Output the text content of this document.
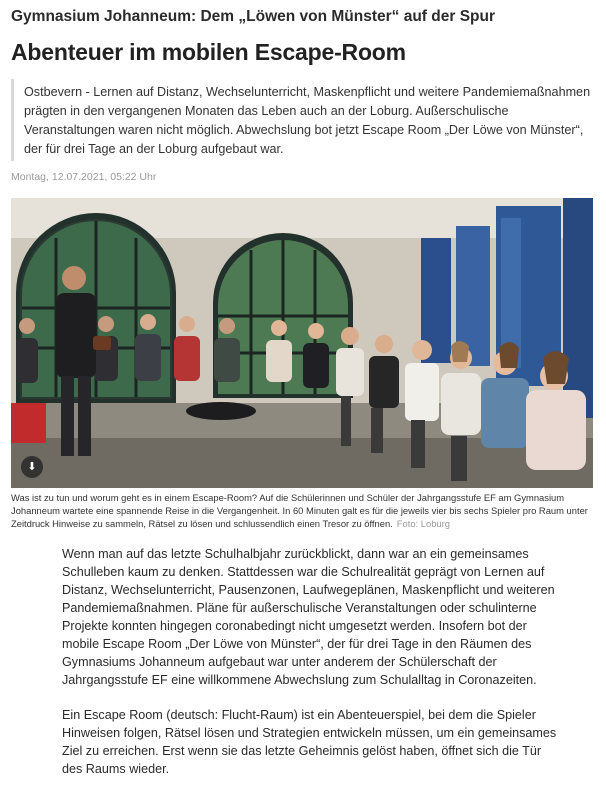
Gymnasium Johanneum: Dem „Löwen von Münster“ auf der Spur
Abenteuer im mobilen Escape-Room
Ostbevern - Lernen auf Distanz, Wechselunterricht, Maskenpflicht und weitere Pandemiemaßnahmen prägten in den vergangenen Monaten das Leben auch an der Loburg. Außerschulische Veranstaltungen waren nicht möglich. Abwechslung bot jetzt Escape Room „Der Löwe von Münster“, der für drei Tage an der Loburg aufgebaut war.
Montag, 12.07.2021, 05:22 Uhr
⬇
Was ist zu tun und worum geht es in einem Escape-Room? Auf die Schülerinnen und Schüler der Jahrgangsstufe EF am Gymnasium Johanneum wartete eine spannende Reise in die Vergangenheit. In 60 Minuten galt es für die jeweils vier bis sechs Spieler pro Raum unter Zeitdruck Hinweise zu sammeln, Rätsel zu lösen und schlussendlich einen Tresor zu öffnen. Foto: Loburg

Wenn man auf das letzte Schulhalbjahr zurückblickt, dann war an ein gemeinsames Schulleben kaum zu denken. Stattdessen war die Schulrealität geprägt von Lernen auf Distanz, Wechselunterricht, Pausenzonen, Laufwegeplänen, Maskenpflicht und weiteren Pandemiemaßnahmen. Pläne für außerschulische Veranstaltungen oder schulinterne Projekte konnten hingegen coronabedingt nicht umgesetzt werden. Insofern bot der mobile Escape Room „Der Löwe von Münster“, der für drei Tage in den Räumen des Gymnasiums Johanneum aufgebaut war unter anderem der Schülerschaft der Jahrgangsstufe EF eine willkommene Abwechslung zum Schulalltag in Coronazeiten.

Ein Escape Room (deutsch: Flucht-Raum) ist ein Abenteuerspiel, bei dem die Spieler Hinweisen folgen, Rätsel lösen und Strategien entwickeln müssen, um ein gemeinsames Ziel zu erreichen. Erst wenn sie das letzte Geheimnis gelöst haben, öffnet sich die Tür des Raums wieder.
